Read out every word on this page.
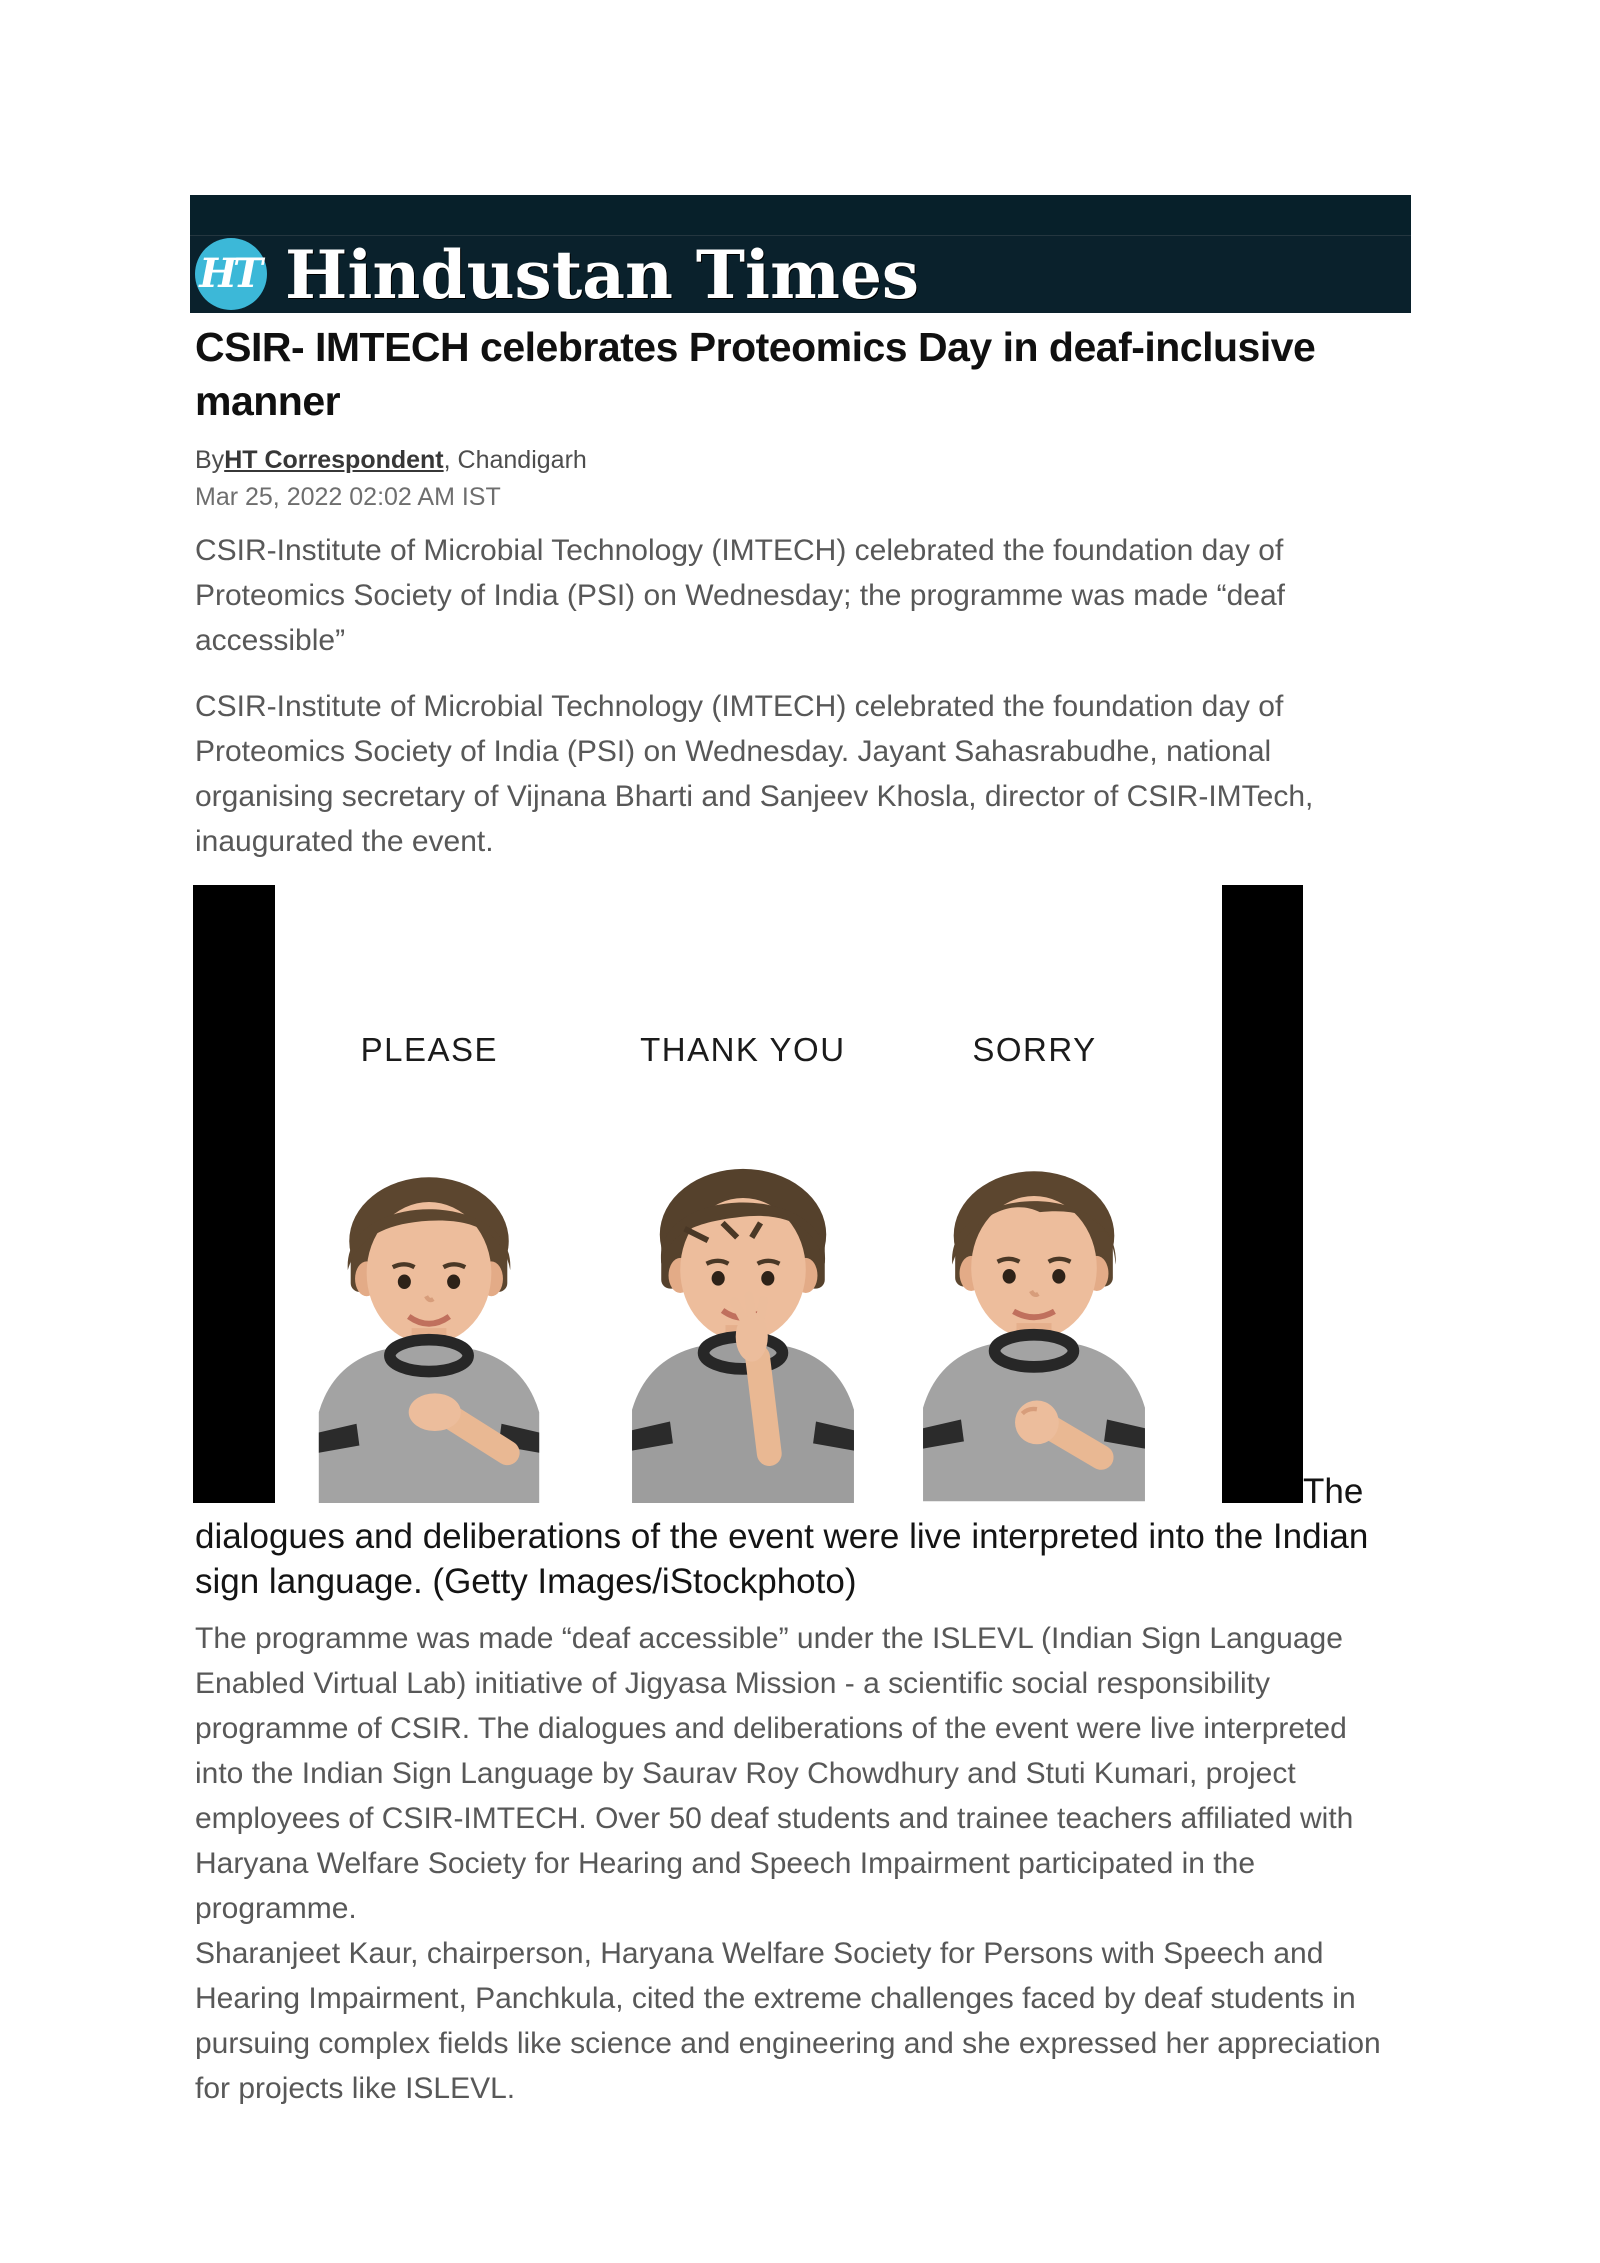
HT Hindustan Times
CSIR- IMTECH celebrates Proteomics Day in deaf-inclusive manner

ByHT Correspondent, Chandigarh

Mar 25, 2022 02:02 AM IST

CSIR-Institute of Microbial Technology (IMTECH) celebrated the foundation day of Proteomics Society of India (PSI) on Wednesday; the programme was made “deaf accessible”

CSIR-Institute of Microbial Technology (IMTECH) celebrated the foundation day of Proteomics Society of India (PSI) on Wednesday. Jayant Sahasrabudhe, national organising secretary of Vijnana Bharti and Sanjeev Khosla, director of CSIR-IMTech, inaugurated the event.

PLEASE	THANK YOU	SORRY
The dialogues and deliberations of the event were live interpreted into the Indian sign language. (Getty Images/iStockphoto)

The programme was made “deaf accessible” under the ISLEVL (Indian Sign Language Enabled Virtual Lab) initiative of Jigyasa Mission - a scientific social responsibility programme of CSIR. The dialogues and deliberations of the event were live interpreted into the Indian Sign Language by Saurav Roy Chowdhury and Stuti Kumari, project employees of CSIR-IMTECH. Over 50 deaf students and trainee teachers affiliated with Haryana Welfare Society for Hearing and Speech Impairment participated in the programme.

Sharanjeet Kaur, chairperson, Haryana Welfare Society for Persons with Speech and Hearing Impairment, Panchkula, cited the extreme challenges faced by deaf students in pursuing complex fields like science and engineering and she expressed her appreciation for projects like ISLEVL.
